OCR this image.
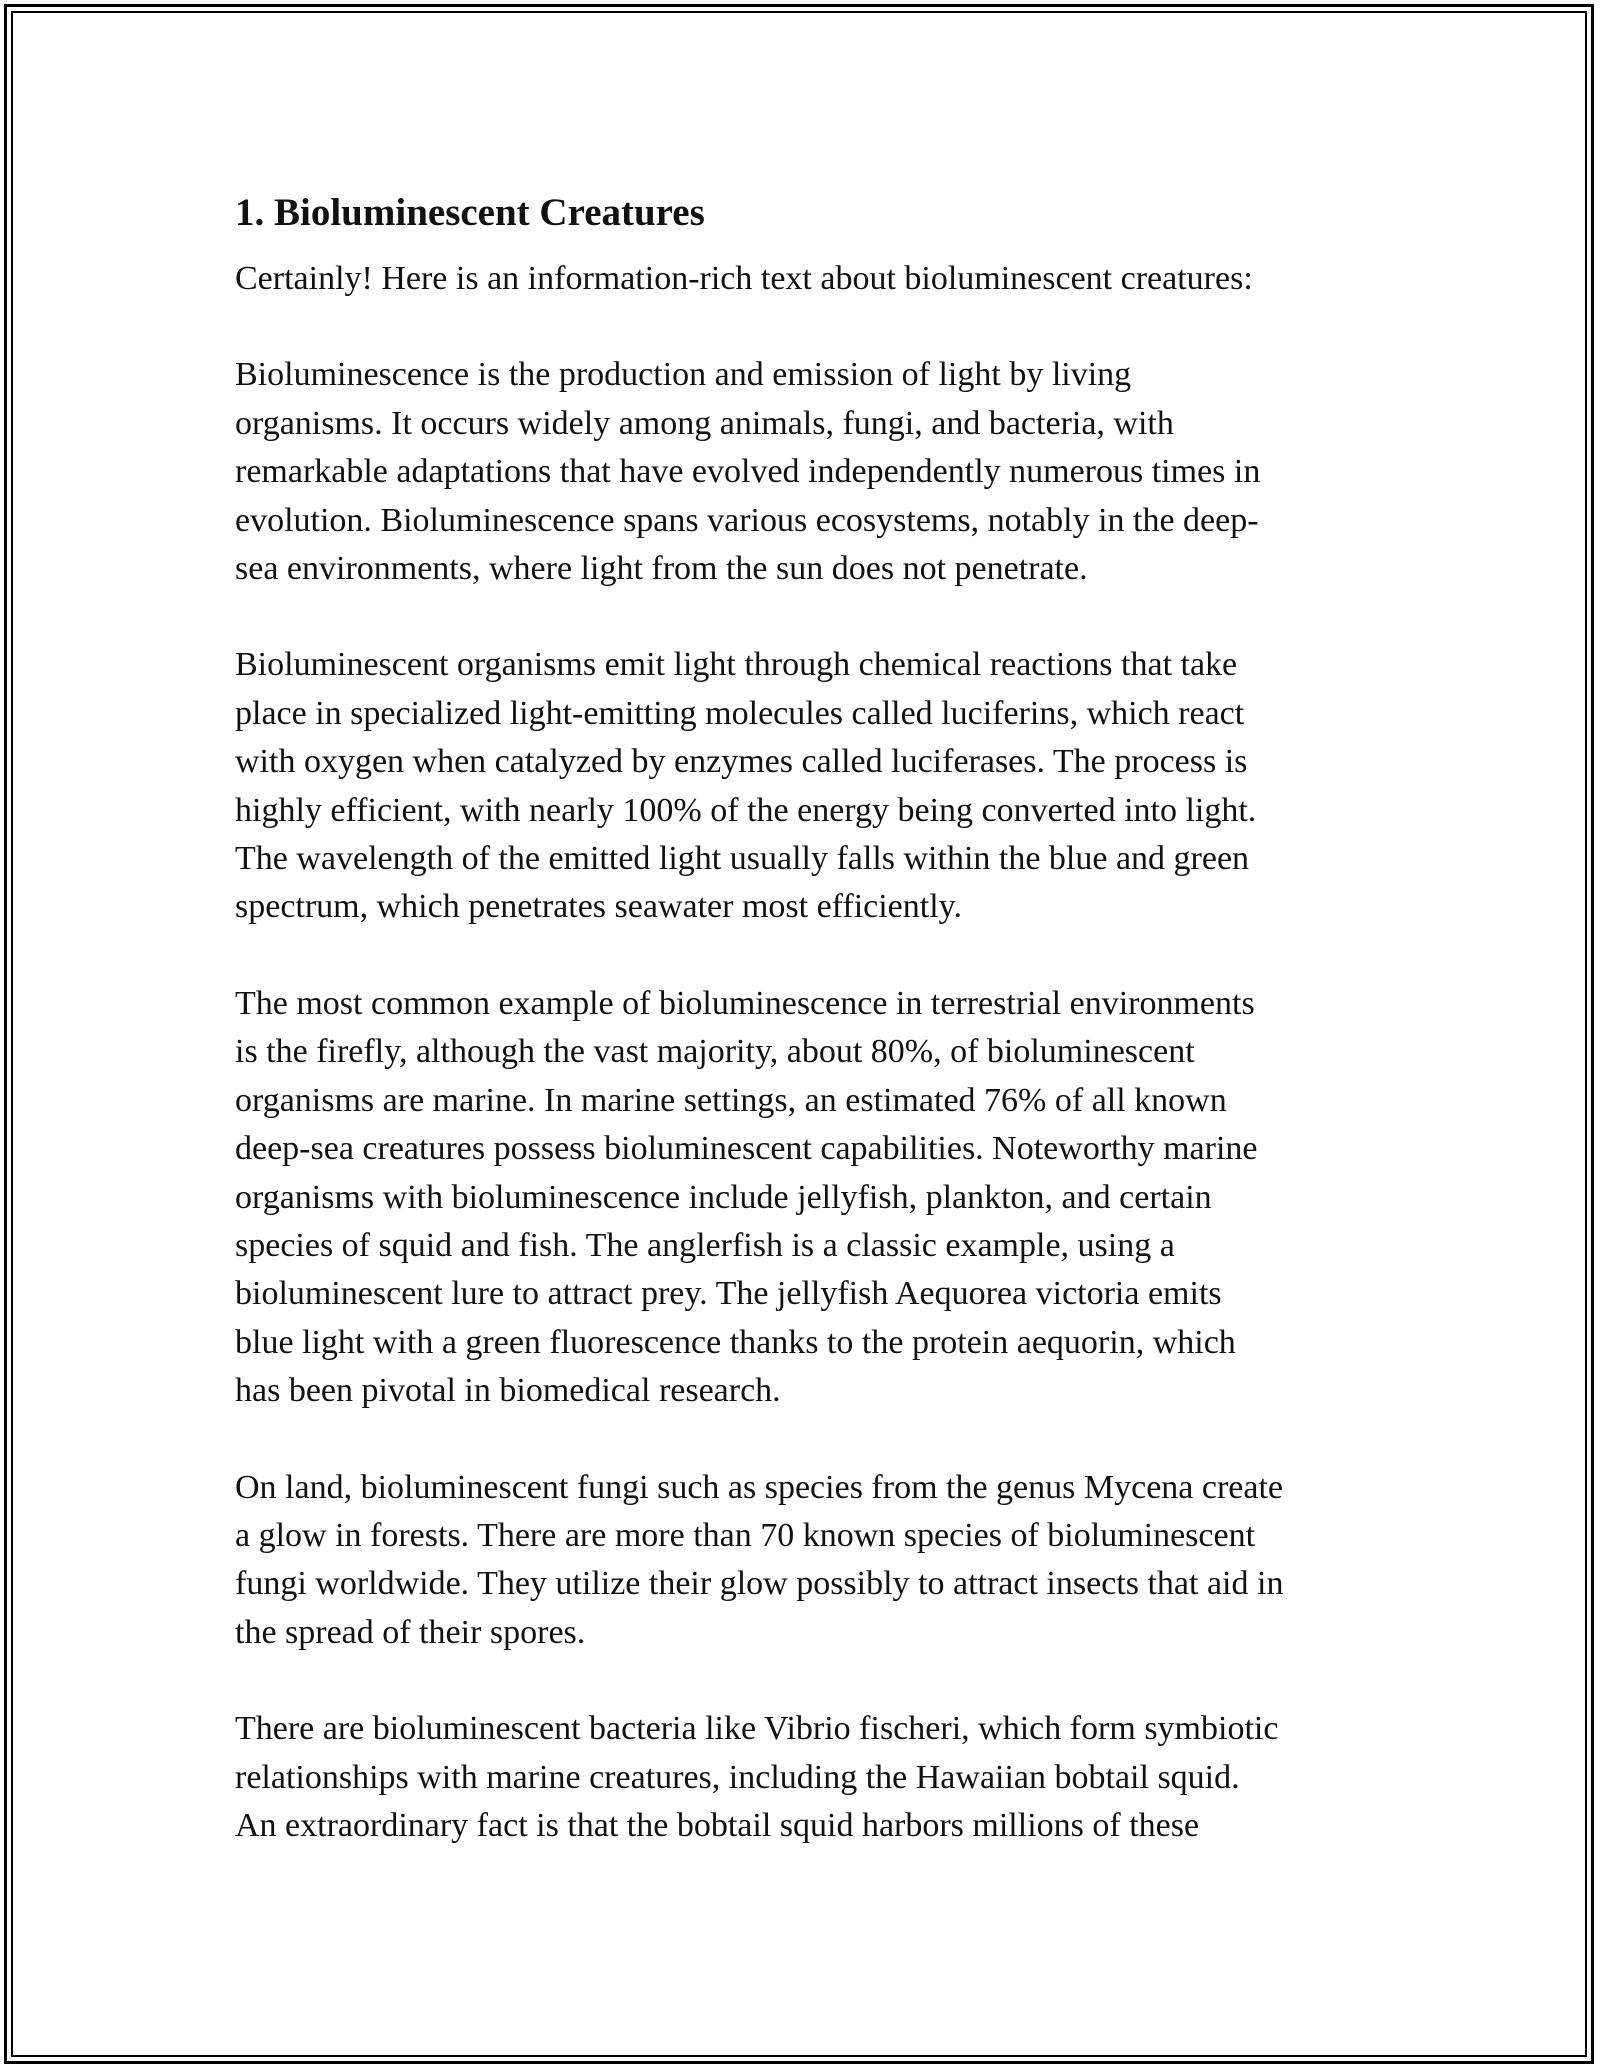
1. Bioluminescent Creatures

Certainly! Here is an information-rich text about bioluminescent creatures:

Bioluminescence is the production and emission of light by living
organisms. It occurs widely among animals, fungi, and bacteria, with
remarkable adaptations that have evolved independently numerous times in
evolution. Bioluminescence spans various ecosystems, notably in the deep-
sea environments, where light from the sun does not penetrate.

Bioluminescent organisms emit light through chemical reactions that take
place in specialized light-emitting molecules called luciferins, which react
with oxygen when catalyzed by enzymes called luciferases. The process is
highly efficient, with nearly 100% of the energy being converted into light.
The wavelength of the emitted light usually falls within the blue and green
spectrum, which penetrates seawater most efficiently.

The most common example of bioluminescence in terrestrial environments
is the firefly, although the vast majority, about 80%, of bioluminescent
organisms are marine. In marine settings, an estimated 76% of all known
deep-sea creatures possess bioluminescent capabilities. Noteworthy marine
organisms with bioluminescence include jellyfish, plankton, and certain
species of squid and fish. The anglerfish is a classic example, using a
bioluminescent lure to attract prey. The jellyfish Aequorea victoria emits
blue light with a green fluorescence thanks to the protein aequorin, which
has been pivotal in biomedical research.

On land, bioluminescent fungi such as species from the genus Mycena create
a glow in forests. There are more than 70 known species of bioluminescent
fungi worldwide. They utilize their glow possibly to attract insects that aid in
the spread of their spores.

There are bioluminescent bacteria like Vibrio fischeri, which form symbiotic
relationships with marine creatures, including the Hawaiian bobtail squid.
An extraordinary fact is that the bobtail squid harbors millions of these
